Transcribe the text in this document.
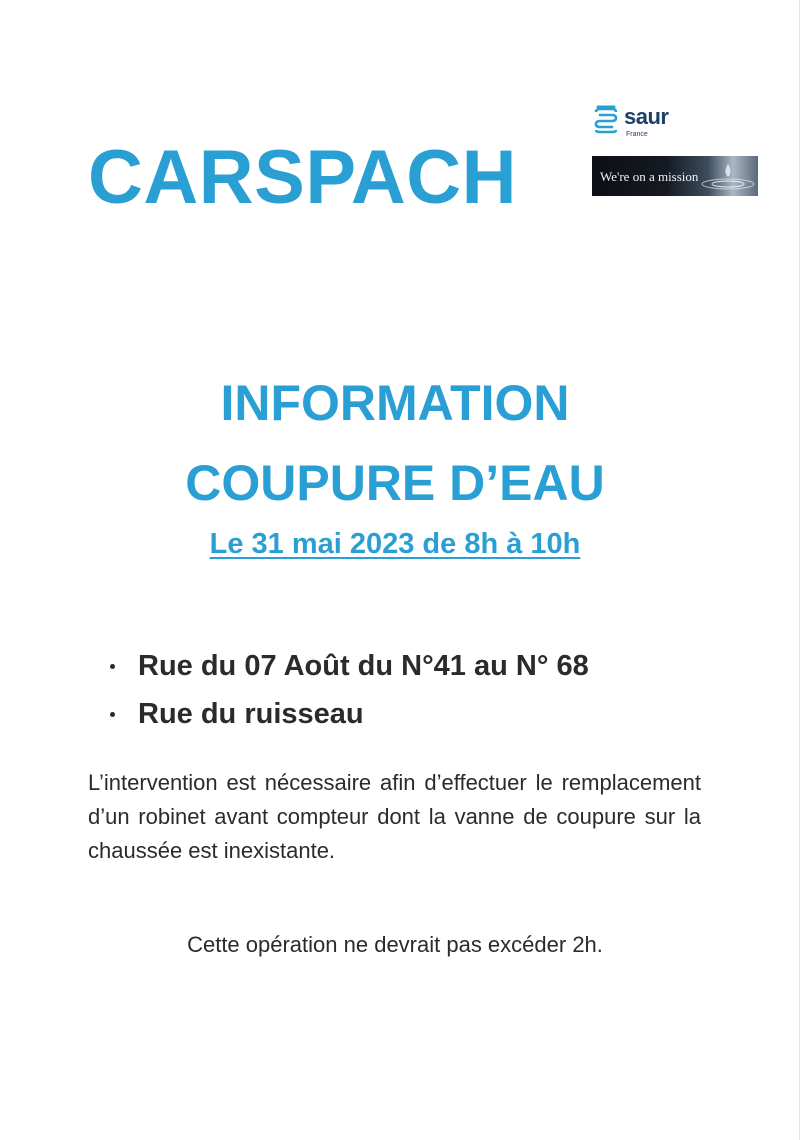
CARSPACH
saur
France
We're on a mission
INFORMATION
COUPURE D’EAU
Le 31 mai 2023 de 8h à 10h
Rue du 07 Août du N°41 au N° 68
Rue du ruisseau

L’intervention est nécessaire afin d’effectuer le remplacement d’un robinet avant compteur dont la vanne de coupure sur la chaussée est inexistante.

Cette opération ne devrait pas excéder 2h.
